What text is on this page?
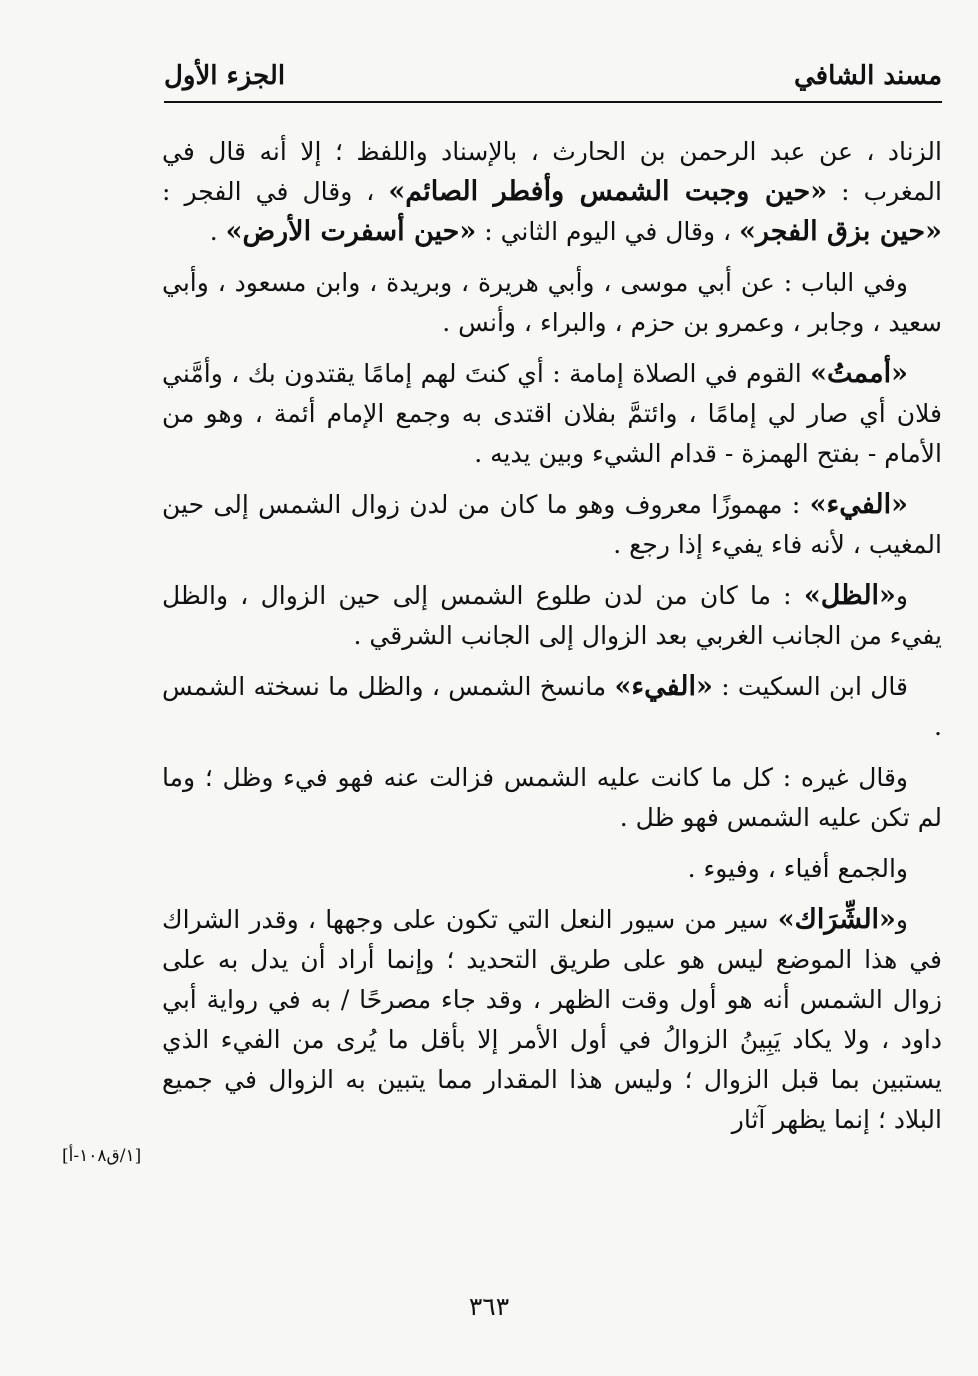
مسند الشافي
الجزء الأول

الزناد ، عن عبد الرحمن بن الحارث ، بالإسناد واللفظ ؛ إلا أنه قال في المغرب : «حين وجبت الشمس وأفطر الصائم» ، وقال في الفجر : «حين بزق الفجر» ، وقال في اليوم الثاني : «حين أسفرت الأرض» .

وفي الباب : عن أبي موسى ، وأبي هريرة ، وبريدة ، وابن مسعود ، وأبي سعيد ، وجابر ، وعمرو بن حزم ، والبراء ، وأنس .

«أممتُ» القوم في الصلاة إمامة : أي كنتَ لهم إمامًا يقتدون بك ، وأمَّني فلان أي صار لي إمامًا ، وائتمَّ بفلان اقتدى به وجمع الإمام أئمة ، وهو من الأمام - بفتح الهمزة - قدام الشيء وبين يديه .

«الفيء» : مهموزًا معروف وهو ما كان من لدن زوال الشمس إلى حين المغيب ، لأنه فاء يفيء إذا رجع .

و«الظل» : ما كان من لدن طلوع الشمس إلى حين الزوال ، والظل يفيء من الجانب الغربي بعد الزوال إلى الجانب الشرقي .

قال ابن السكيت : «الفيء» مانسخ الشمس ، والظل ما نسخته الشمس .

وقال غيره : كل ما كانت عليه الشمس فزالت عنه فهو فيء وظل ؛ وما لم تكن عليه الشمس فهو ظل .

والجمع أفياء ، وفيوء .

و«الشِّرَاك» سير من سيور النعل التي تكون على وجهها ، وقدر الشراك في هذا الموضع ليس هو على طريق التحديد ؛ وإنما أراد أن يدل به على زوال الشمس أنه هو أول وقت الظهر ، وقد جاء مصرحًا / به في رواية أبي داود ، ولا يكاد يَبِينُ الزوالُ في أول الأمر إلا بأقل ما يُرى من الفيء الذي يستبين بما قبل الزوال ؛ وليس هذا المقدار مما يتبين به الزوال في جميع البلاد ؛ إنما يظهر آثار

[١/ق١٠٨-أ]
٣٦٣
